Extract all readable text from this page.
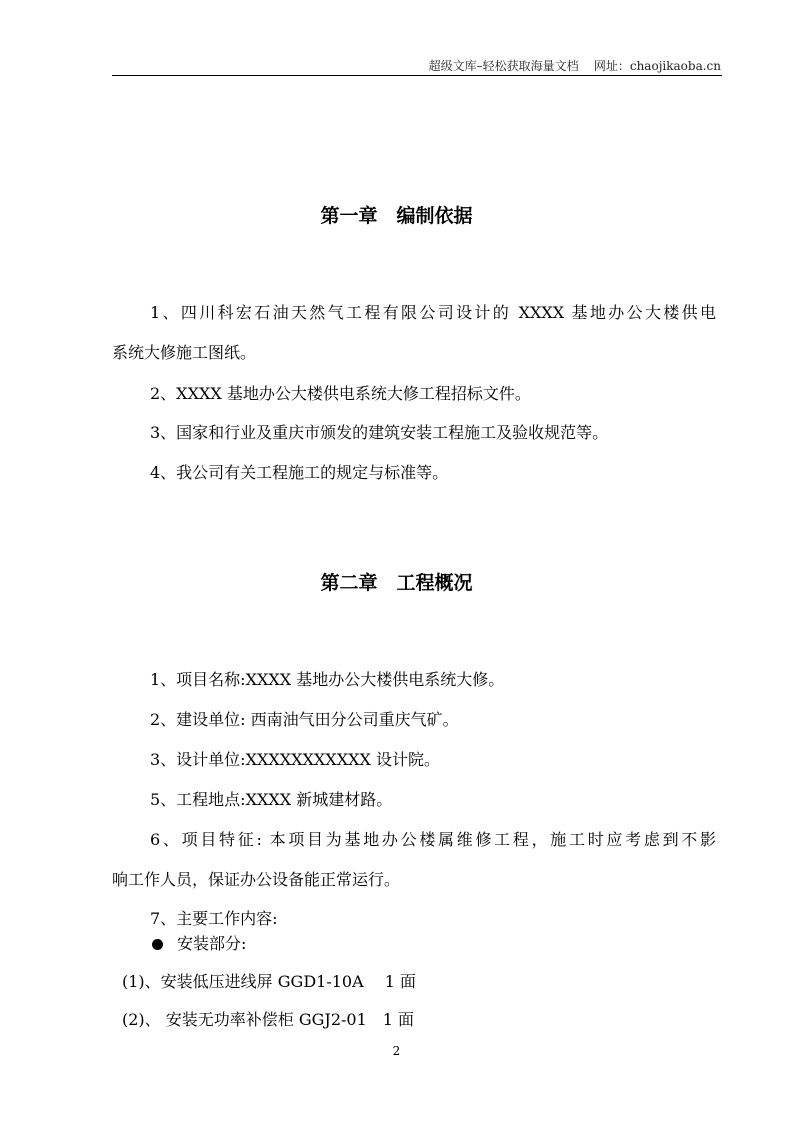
超级文库–轻松获取海量文档 网址：chaojikaoba.cn
第一章　编制依据
1、四川科宏石油天然气工程有限公司设计的 XXXX 基地办公大楼供电
系统大修施工图纸。
2、XXXX 基地办公大楼供电系统大修工程招标文件。
3、国家和行业及重庆市颁发的建筑安装工程施工及验收规范等。
4、我公司有关工程施工的规定与标准等。
第二章　工程概况
1、项目名称:XXXX 基地办公大楼供电系统大修。
2、建设单位: 西南油气田分公司重庆气矿。
3、设计单位:XXXXXXXXXXX 设计院。
5、工程地点:XXXX 新城建材路。
6、项目特征: 本项目为基地办公楼属维修工程，施工时应考虑到不影
响工作人员，保证办公设备能正常运行。
7、主要工作内容:
安装部分:
(1)、安装低压进线屏 GGD1-10A　 1 面
(2)、 安装无功率补偿柜 GGJ2-01　1 面
2
